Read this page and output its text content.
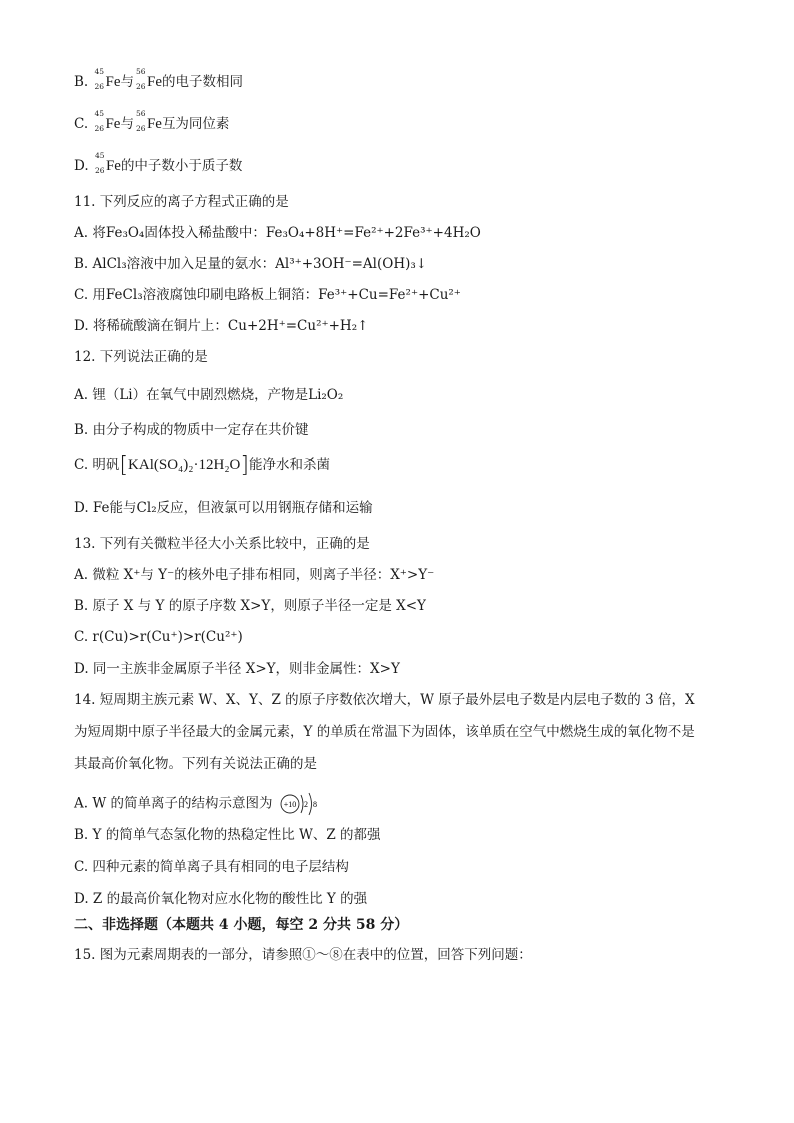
B.
45
26 Fe与
56
26 Fe的电子数相同
C.
45
26 Fe与
56
26 Fe互为同位素
D.
45
26 Fe的中子数小于质子数
11. 下列反应的离子方程式正确的是
A. 将Fe₃O₄固体投入稀盐酸中：Fe₃O₄+8H⁺=Fe²⁺+2Fe³⁺+4H₂O
B. AlCl₃溶液中加入足量的氨水：Al³⁺+3OH⁻=Al(OH)₃↓
C. 用FeCl₃溶液腐蚀印刷电路板上铜箔：Fe³⁺+Cu=Fe²⁺+Cu²⁺
D. 将稀硫酸滴在铜片上：Cu+2H⁺=Cu²⁺+H₂↑
12. 下列说法正确的是
A. 锂（Li）在氧气中剧烈燃烧，产物是Li₂O₂
B. 由分子构成的物质中一定存在共价键
C. 明矾[KAl(SO₄)₂·12H₂O]能净水和杀菌
D. Fe能与Cl₂反应，但液氯可以用钢瓶存储和运输
13. 下列有关微粒半径大小关系比较中，正确的是
A. 微粒 X⁺与 Y⁻的核外电子排布相同，则离子半径：X⁺>Y⁻
B. 原子 X 与 Y 的原子序数 X>Y，则原子半径一定是 X<Y
C. r(Cu)>r(Cu⁺)>r(Cu²⁺)
D. 同一主族非金属原子半径 X>Y，则非金属性：X>Y
14. 短周期主族元素 W、X、Y、Z 的原子序数依次增大，W 原子最外层电子数是内层电子数的 3 倍，X
为短周期中原子半径最大的金属元素，Y 的单质在常温下为固体，该单质在空气中燃烧生成的氧化物不是
其最高价氧化物。下列有关说法正确的是
A. W 的简单离子的结构示意图为 +10 2 8
B. Y 的简单气态氢化物的热稳定性比 W、Z 的都强
C. 四种元素的简单离子具有相同的电子层结构
D. Z 的最高价氧化物对应水化物的酸性比 Y 的强
二、非选择题（本题共 4 小题，每空 2 分共 58 分）
15. 图为元素周期表的一部分，请参照①～⑧在表中的位置，回答下列问题：
